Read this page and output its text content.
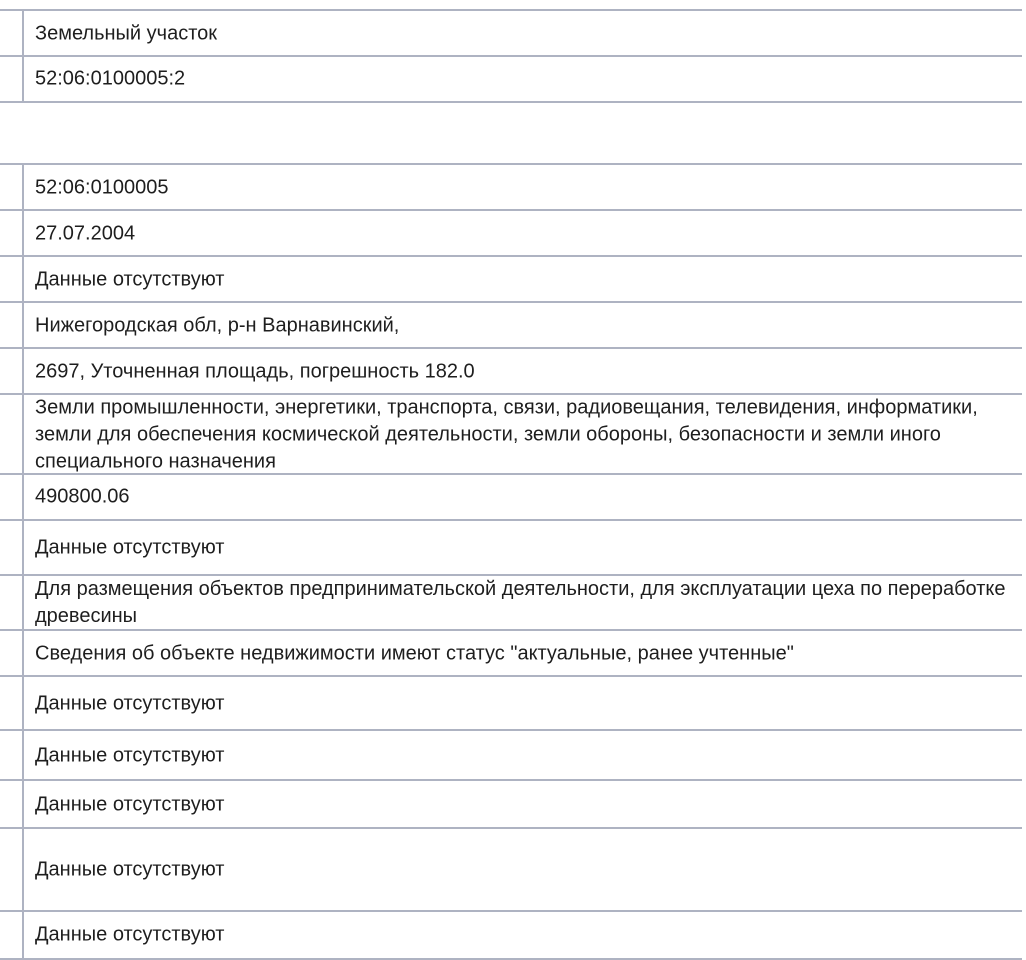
Земельный участок
52:06:0100005:2
52:06:0100005
27.07.2004
Данные отсутствуют
Нижегородская обл, р-н Варнавинский,
2697, Уточненная площадь, погрешность 182.0
Земли промышленности, энергетики, транспорта, связи, радиовещания, телевидения, информатики, земли для обеспечения космической деятельности, земли обороны, безопасности и земли иного специального назначения
490800.06
Данные отсутствуют
Для размещения объектов предпринимательской деятельности, для эксплуатации цеха по переработке древесины
Сведения об объекте недвижимости имеют статус "актуальные, ранее учтенные"
Данные отсутствуют
Данные отсутствуют
Данные отсутствуют
Данные отсутствуют
Данные отсутствуют
